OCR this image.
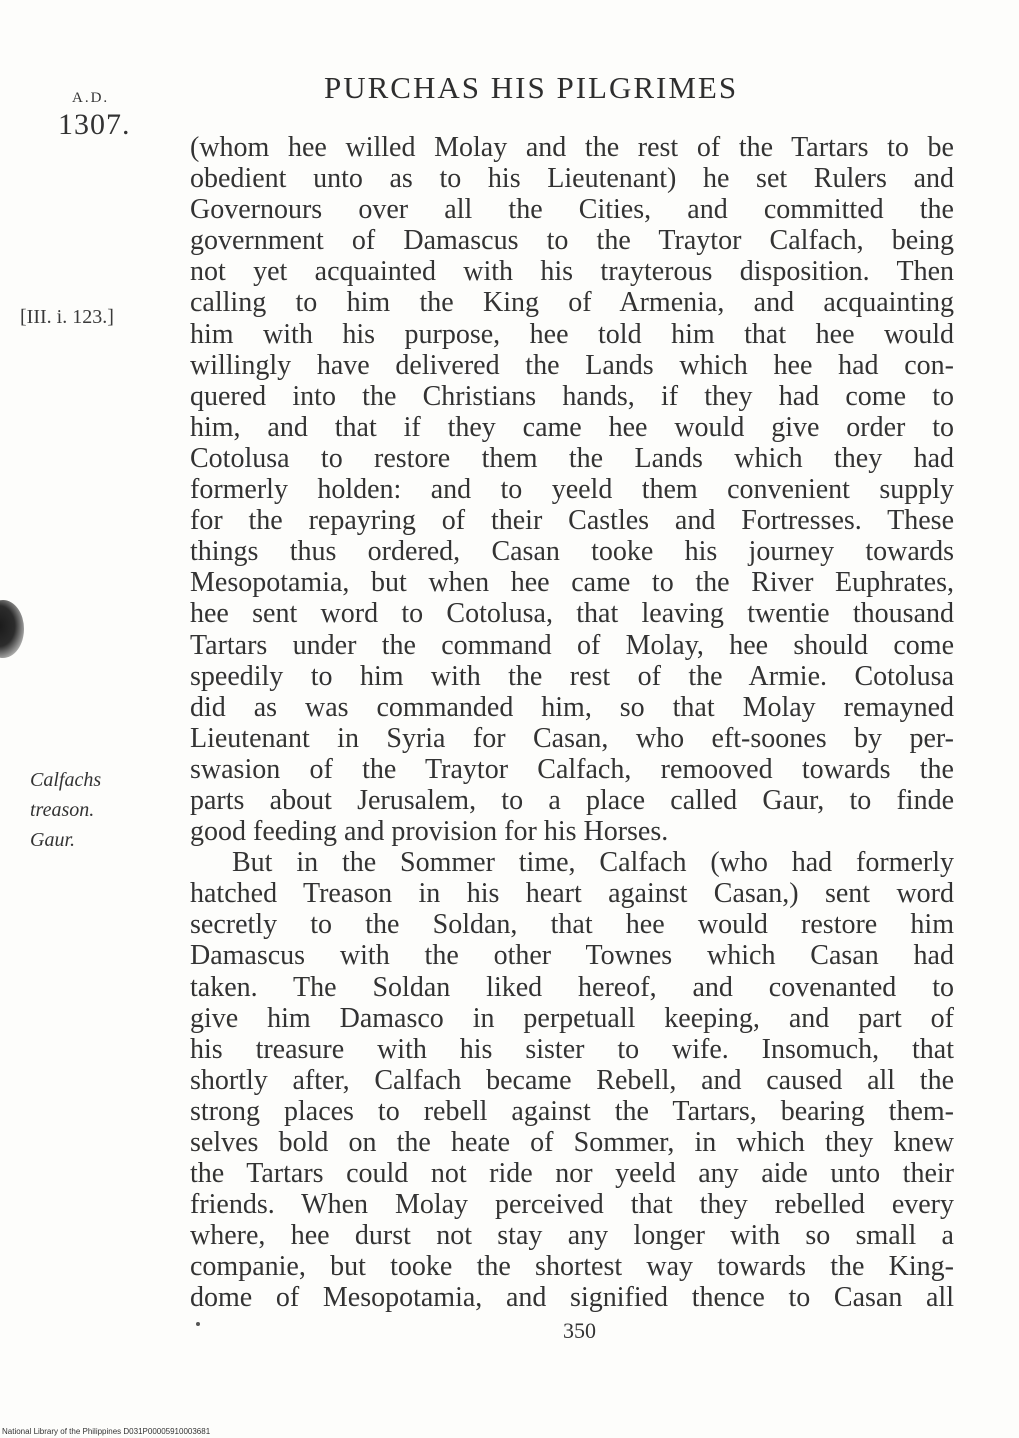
A.D.
1307.
PURCHAS HIS PILGRIMES
[III. i. 123.]
Calfachs
treason.
Gaur.
(whom hee willed Molay and the rest of the Tartars to be
obedient unto as to his Lieutenant) he set Rulers and
Governours over all the Cities, and committed the
government of Damascus to the Traytor Calfach, being
not yet acquainted with his trayterous disposition. Then
calling to him the King of Armenia, and acquainting
him with his purpose, hee told him that hee would
willingly have delivered the Lands which hee had con-
quered into the Christians hands, if they had come to
him, and that if they came hee would give order to
Cotolusa to restore them the Lands which they had
formerly holden: and to yeeld them convenient supply
for the repayring of their Castles and Fortresses. These
things thus ordered, Casan tooke his journey towards
Mesopotamia, but when hee came to the River Euphrates,
hee sent word to Cotolusa, that leaving twentie thousand
Tartars under the command of Molay, hee should come
speedily to him with the rest of the Armie. Cotolusa
did as was commanded him, so that Molay remayned
Lieutenant in Syria for Casan, who eft-soones by per-
swasion of the Traytor Calfach, remooved towards the
parts about Jerusalem, to a place called Gaur, to finde
good feeding and provision for his Horses.
But in the Sommer time, Calfach (who had formerly
hatched Treason in his heart against Casan,) sent word
secretly to the Soldan, that hee would restore him
Damascus with the other Townes which Casan had
taken. The Soldan liked hereof, and covenanted to
give him Damasco in perpetuall keeping, and part of
his treasure with his sister to wife. Insomuch, that
shortly after, Calfach became Rebell, and caused all the
strong places to rebell against the Tartars, bearing them-
selves bold on the heate of Sommer, in which they knew
the Tartars could not ride nor yeeld any aide unto their
friends. When Molay perceived that they rebelled every
where, hee durst not stay any longer with so small a
companie, but tooke the shortest way towards the King-
dome of Mesopotamia, and signified thence to Casan all
350
National Library of the Philippines D031P00005910003681
